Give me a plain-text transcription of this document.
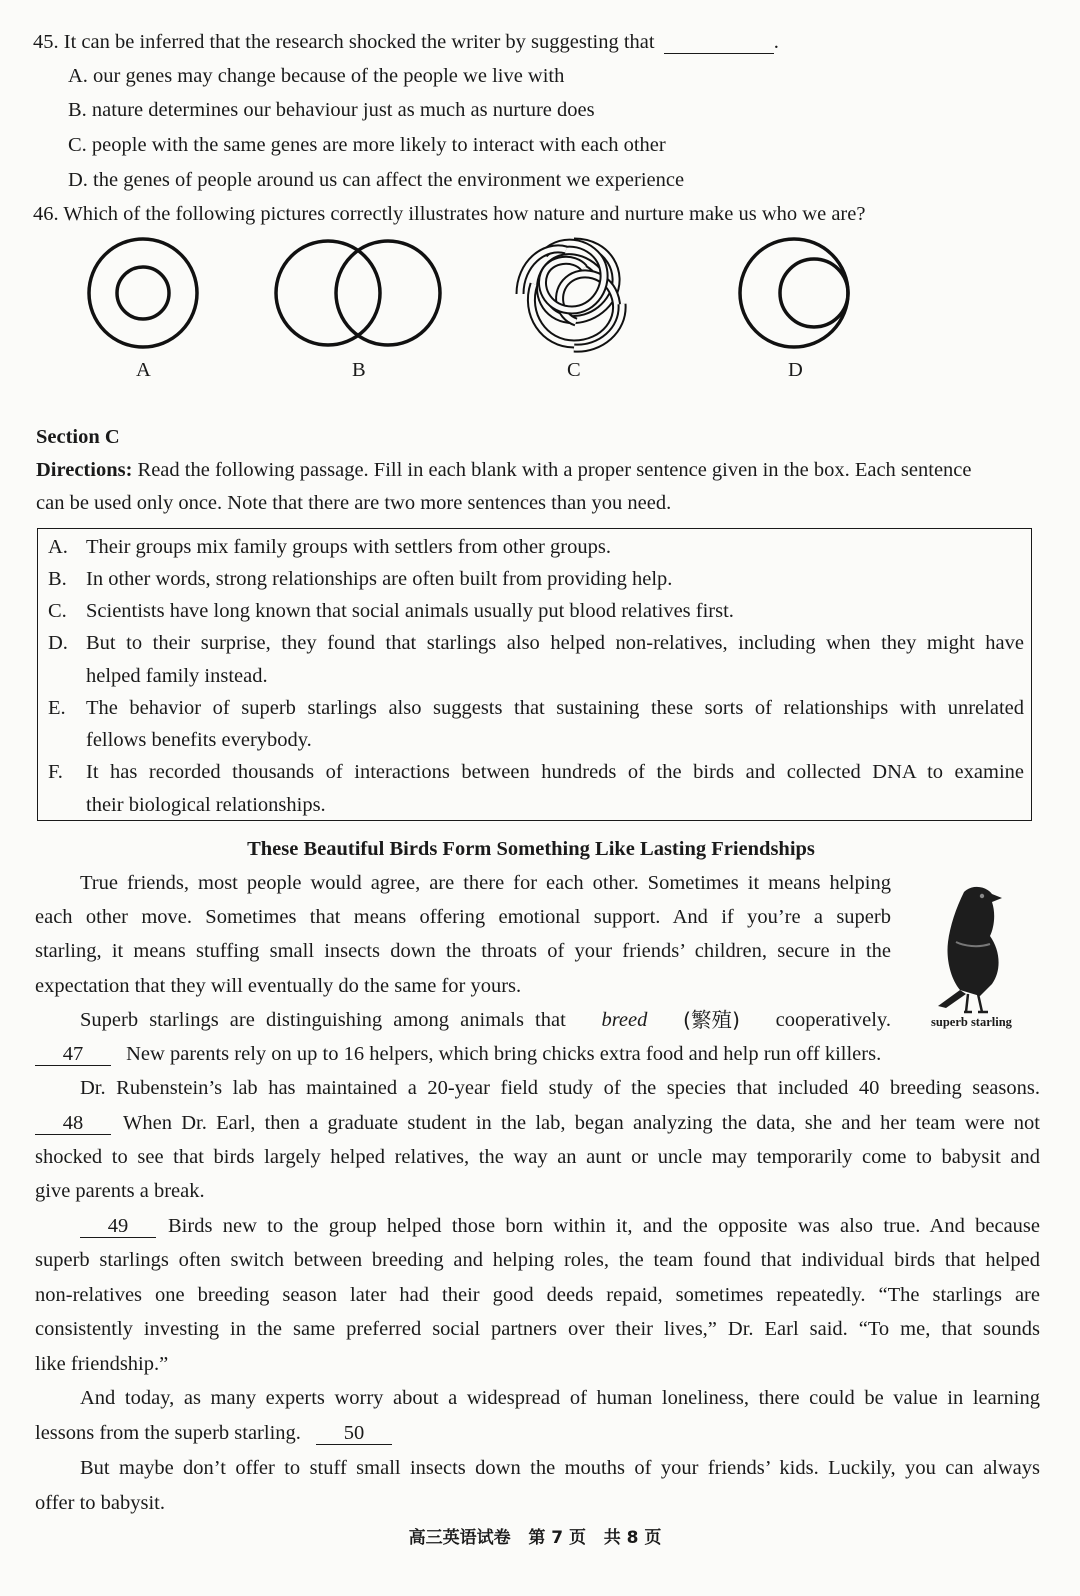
45. It can be inferred that the research shocked the writer by suggesting that	.
A. our genes may change because of the people we live with
B. nature determines our behaviour just as much as nurture does
C. people with the same genes are more likely to interact with each other
D. the genes of people around us can affect the environment we experience
46. Which of the following pictures correctly illustrates how nature and nurture make us who we are?
A	B	C	D
Section C
Directions: Read the following passage. Fill in each blank with a proper sentence given in the box. Each sentence
can be used only once. Note that there are two more sentences than you need.
A. Their groups mix family groups with settlers from other groups.
B. In other words, strong relationships are often built from providing help.
C. Scientists have long known that social animals usually put blood relatives first.
D. But to their surprise, they found that starlings also helped non-relatives, including when they might have
helped family instead.
E. The behavior of superb starlings also suggests that sustaining these sorts of relationships with unrelated
fellows benefits everybody.
F. It has recorded thousands of interactions between hundreds of the birds and collected DNA to examine
their biological relationships.
These Beautiful Birds Form Something Like Lasting Friendships
True friends, most people would agree, are there for each other. Sometimes it means helping
each other move. Sometimes that means offering emotional support. And if you’re a superb
starling, it means stuffing small insects down the throats of your friends’ children, secure in the
expectation that they will eventually do the same for yours.
superb starling
Superb starlings are distinguishing among animals that breed (繁殖) cooperatively.
47 New parents rely on up to 16 helpers, which bring chicks extra food and help run off killers.
Dr. Rubenstein’s lab has maintained a 20-year field study of the species that included 40 breeding seasons.
48	When Dr. Earl, then a graduate student in the lab, began analyzing the data, she and her team were not
shocked to see that birds largely helped relatives, the way an aunt or uncle may temporarily come to babysit and
give parents a break.
49	Birds new to the group helped those born within it, and the opposite was also true. And because
superb starlings often switch between breeding and helping roles, the team found that individual birds that helped
non-relatives one breeding season later had their good deeds repaid, sometimes repeatedly. “The starlings are
consistently investing in the same preferred social partners over their lives,” Dr. Earl said. “To me, that sounds
like friendship.”
And today, as many experts worry about a widespread of human loneliness, there could be value in learning
lessons from the superb starling. 50
But maybe don’t offer to stuff small insects down the mouths of your friends’ kids. Luckily, you can always
offer to babysit.
高三英语试卷   第 7 页   共 8 页
